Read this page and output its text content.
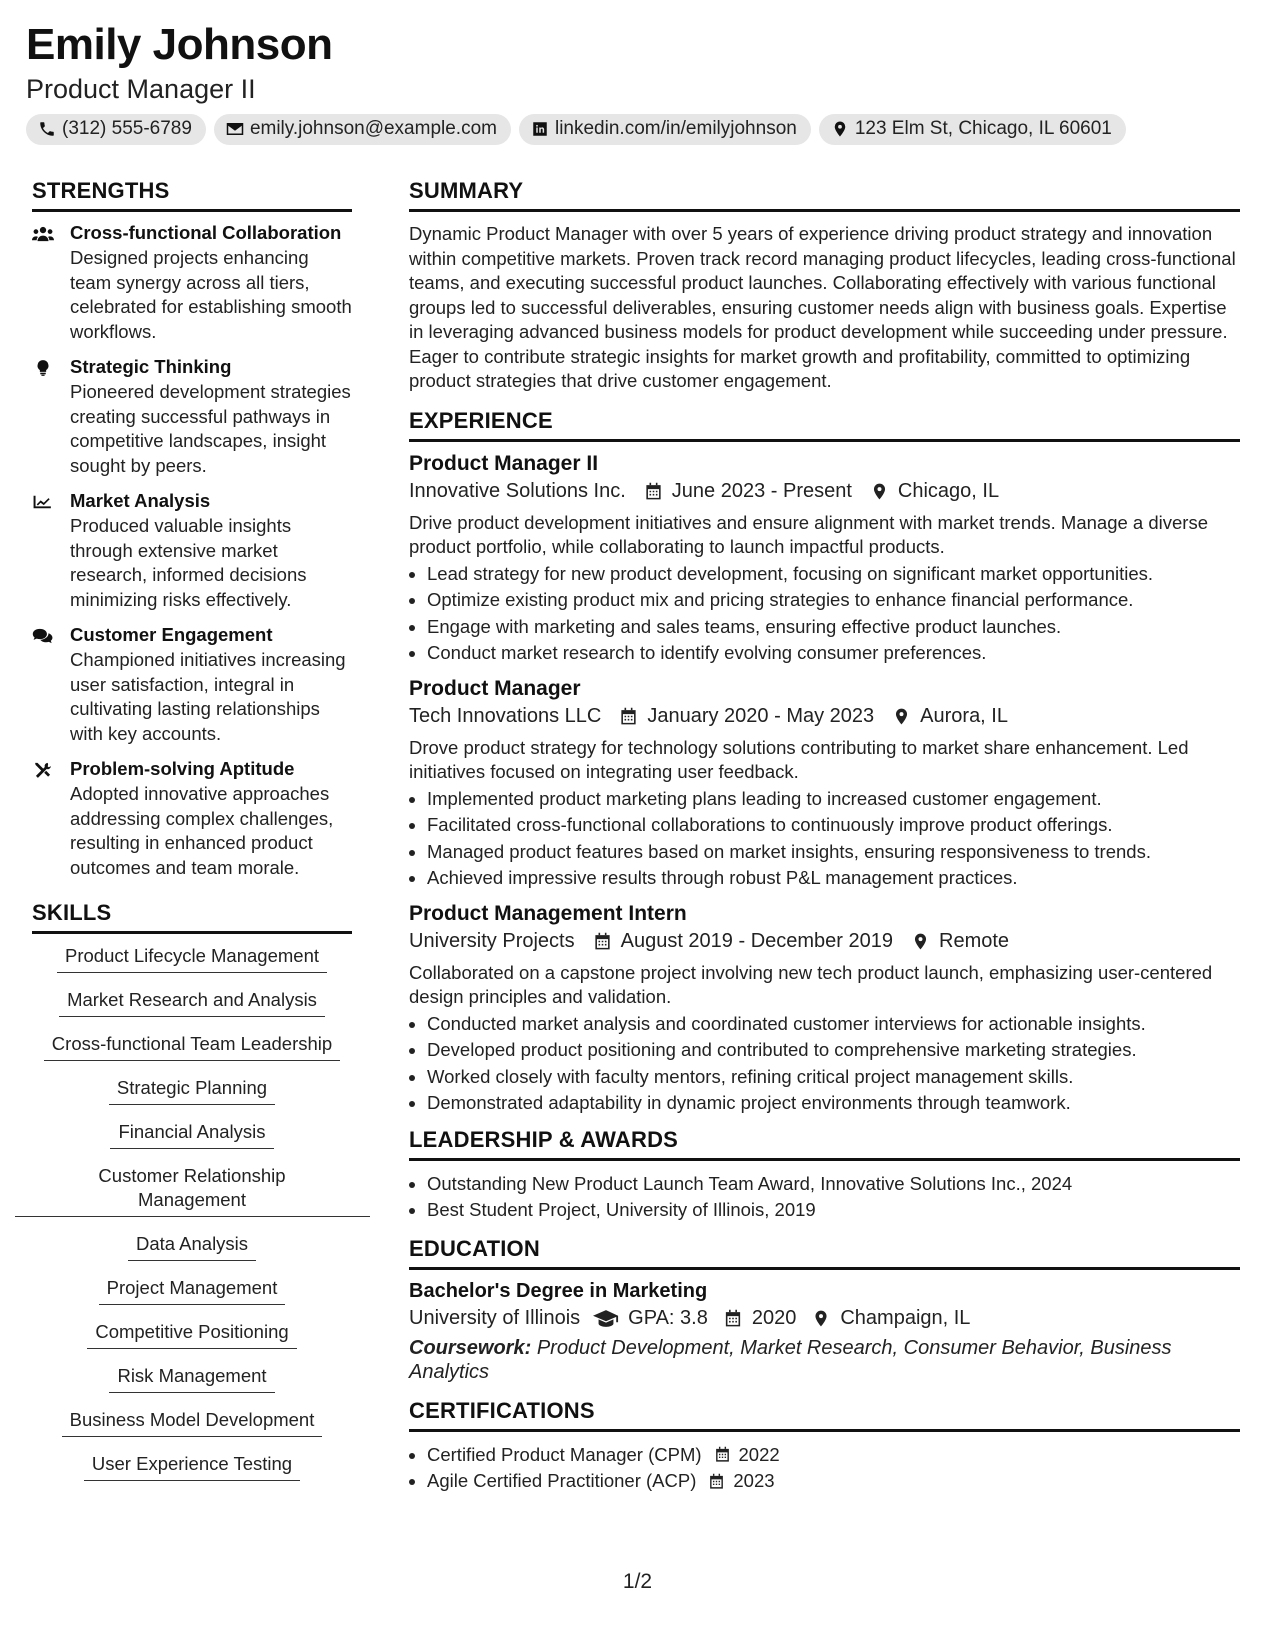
Emily Johnson
Product Manager II
(312) 555-6789	emily.johnson@example.com	linkedin.com/in/emilyjohnson	123 Elm St, Chicago, IL 60601
STRENGTHS
Cross-functional Collaboration
Designed projects enhancing team synergy across all tiers, celebrated for establishing smooth workflows.
Strategic Thinking
Pioneered development strategies creating successful pathways in competitive landscapes, insight sought by peers.
Market Analysis
Produced valuable insights through extensive market research, informed decisions minimizing risks effectively.
Customer Engagement
Championed initiatives increasing user satisfaction, integral in cultivating lasting relationships with key accounts.
Problem-solving Aptitude
Adopted innovative approaches addressing complex challenges, resulting in enhanced product outcomes and team morale.
SKILLS
Product Lifecycle Management
Market Research and Analysis
Cross-functional Team Leadership
Strategic Planning
Financial Analysis
Customer Relationship Management
Data Analysis
Project Management
Competitive Positioning
Risk Management
Business Model Development
User Experience Testing
SUMMARY
Dynamic Product Manager with over 5 years of experience driving product strategy and innovation within competitive markets. Proven track record managing product lifecycles, leading cross-functional teams, and executing successful product launches. Collaborating effectively with various functional groups led to successful deliverables, ensuring customer needs align with business goals. Expertise in leveraging advanced business models for product development while succeeding under pressure. Eager to contribute strategic insights for market growth and profitability, committed to optimizing product strategies that drive customer engagement.
EXPERIENCE
Product Manager II
Innovative Solutions Inc. June 2023 - Present Chicago, IL
Drive product development initiatives and ensure alignment with market trends. Manage a diverse product portfolio, while collaborating to launch impactful products.
• Lead strategy for new product development, focusing on significant market opportunities.
• Optimize existing product mix and pricing strategies to enhance financial performance.
• Engage with marketing and sales teams, ensuring effective product launches.
• Conduct market research to identify evolving consumer preferences.
Product Manager
Tech Innovations LLC January 2020 - May 2023 Aurora, IL
Drove product strategy for technology solutions contributing to market share enhancement. Led initiatives focused on integrating user feedback.
• Implemented product marketing plans leading to increased customer engagement.
• Facilitated cross-functional collaborations to continuously improve product offerings.
• Managed product features based on market insights, ensuring responsiveness to trends.
• Achieved impressive results through robust P&L management practices.
Product Management Intern
University Projects August 2019 - December 2019 Remote
Collaborated on a capstone project involving new tech product launch, emphasizing user-centered design principles and validation.
• Conducted market analysis and coordinated customer interviews for actionable insights.
• Developed product positioning and contributed to comprehensive marketing strategies.
• Worked closely with faculty mentors, refining critical project management skills.
• Demonstrated adaptability in dynamic project environments through teamwork.
LEADERSHIP & AWARDS
• Outstanding New Product Launch Team Award, Innovative Solutions Inc., 2024
• Best Student Project, University of Illinois, 2019
EDUCATION
Bachelor's Degree in Marketing
University of Illinois GPA: 3.8 2020 Champaign, IL
Coursework: Product Development, Market Research, Consumer Behavior, Business Analytics
CERTIFICATIONS
• Certified Product Manager (CPM) 2022
• Agile Certified Practitioner (ACP) 2023
1/2
